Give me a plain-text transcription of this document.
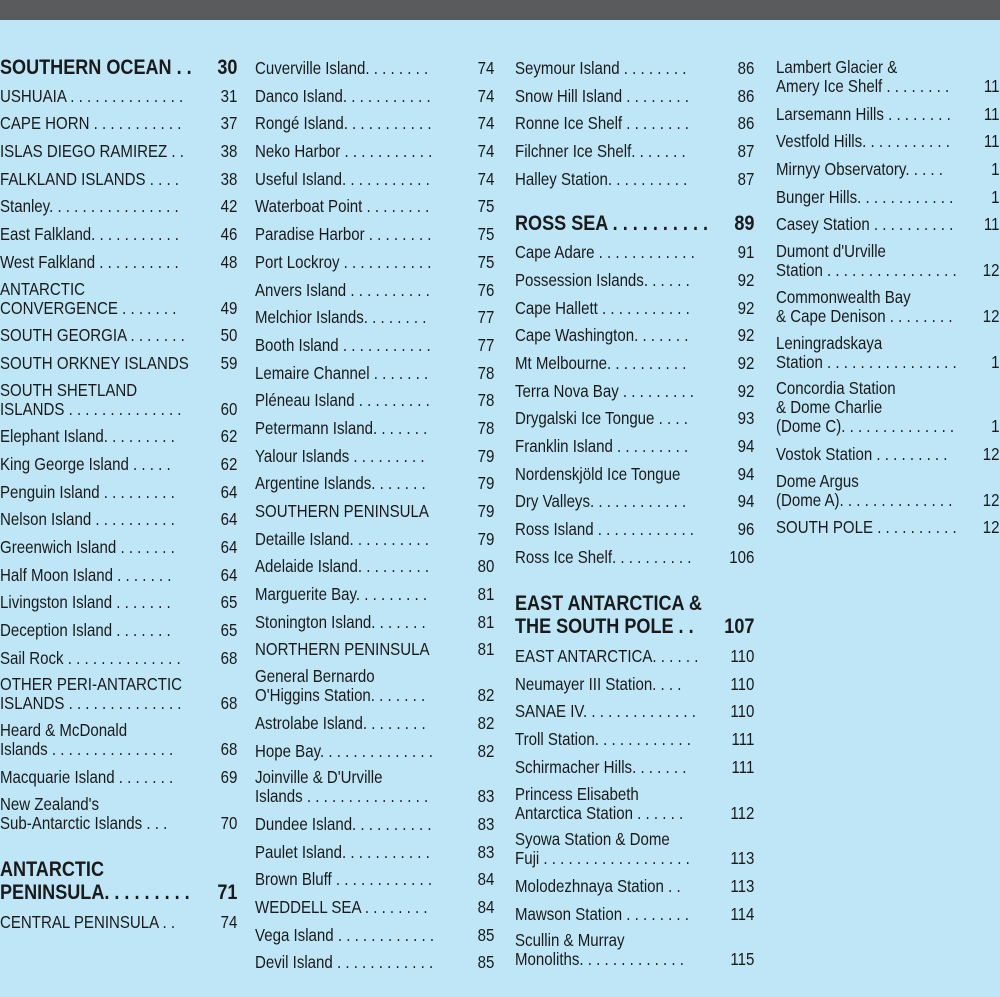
SOUTHERN OCEAN . .	30
USHUAIA . . . . . . . . . . . . . .	31
CAPE HORN . . . . . . . . . . .	37
ISLAS DIEGO RAMIREZ . .	38
FALKLAND ISLANDS . . . .	38
Stanley. . . . . . . . . . . . . . . .	42
East Falkland. . . . . . . . . . .	46
West Falkland . . . . . . . . . .	48
ANTARCTIC
CONVERGENCE . . . . . . .	49
SOUTH GEORGIA . . . . . . .	50
SOUTH ORKNEY ISLANDS	59
SOUTH SHETLAND
ISLANDS . . . . . . . . . . . . . .	60
Elephant Island. . . . . . . . .	62
King George Island . . . . .	62
Penguin Island . . . . . . . . .	64
Nelson Island . . . . . . . . . .	64
Greenwich Island . . . . . . .	64
Half Moon Island . . . . . . .	64
Livingston Island . . . . . . .	65
Deception Island . . . . . . .	65
Sail Rock . . . . . . . . . . . . . .	68
OTHER PERI-ANTARCTIC
ISLANDS . . . . . . . . . . . . . .	68
Heard & McDonald
Islands . . . . . . . . . . . . . . .	68
Macquarie Island . . . . . . .	69
New Zealand's
Sub-Antarctic Islands . . .	70
ANTARCTIC
PENINSULA. . . . . . . . .	71
CENTRAL PENINSULA . .	74
Cuverville Island. . . . . . . .	74
Danco Island. . . . . . . . . . .	74
Rongé Island. . . . . . . . . . .	74
Neko Harbor . . . . . . . . . . .	74
Useful Island. . . . . . . . . . .	74
Waterboat Point . . . . . . . .	75
Paradise Harbor . . . . . . . .	75
Port Lockroy . . . . . . . . . . .	75
Anvers Island . . . . . . . . . .	76
Melchior Islands. . . . . . . .	77
Booth Island . . . . . . . . . . .	77
Lemaire Channel . . . . . . .	78
Pléneau Island . . . . . . . . .	78
Petermann Island. . . . . . .	78
Yalour Islands . . . . . . . . .	79
Argentine Islands. . . . . . .	79
SOUTHERN PENINSULA	79
Detaille Island. . . . . . . . . .	79
Adelaide Island. . . . . . . . .	80
Marguerite Bay. . . . . . . . .	81
Stonington Island. . . . . . .	81
NORTHERN PENINSULA	81
General Bernardo
O'Higgins Station. . . . . . .	82
Astrolabe Island. . . . . . . .	82
Hope Bay. . . . . . . . . . . . . .	82
Joinville & D'Urville
Islands . . . . . . . . . . . . . . .	83
Dundee Island. . . . . . . . . .	83
Paulet Island. . . . . . . . . . .	83
Brown Bluff . . . . . . . . . . . .	84
WEDDELL SEA . . . . . . . .	84
Vega Island . . . . . . . . . . . .	85
Devil Island . . . . . . . . . . . .	85
Seymour Island . . . . . . . .	86
Snow Hill Island . . . . . . . .	86
Ronne Ice Shelf . . . . . . . .	86
Filchner Ice Shelf. . . . . . .	87
Halley Station. . . . . . . . . .	87
ROSS SEA . . . . . . . . . .	89
Cape Adare . . . . . . . . . . . .	91
Possession Islands. . . . . .	92
Cape Hallett . . . . . . . . . . .	92
Cape Washington. . . . . . .	92
Mt Melbourne. . . . . . . . . .	92
Terra Nova Bay . . . . . . . . .	92
Drygalski Ice Tongue . . . .	93
Franklin Island . . . . . . . . .	94
Nordenskjöld Ice Tongue	94
Dry Valleys. . . . . . . . . . . .	94
Ross Island . . . . . . . . . . . .	96
Ross Ice Shelf. . . . . . . . . .	106
EAST ANTARCTICA &
THE SOUTH POLE . .	107
EAST ANTARCTICA. . . . . .	110
Neumayer III Station. . . .	110
SANAE IV. . . . . . . . . . . . . .	110
Troll Station. . . . . . . . . . . .	111
Schirmacher Hills. . . . . . .	111
Princess Elisabeth
Antarctica Station . . . . . .	112
Syowa Station & Dome
Fuji . . . . . . . . . . . . . . . . . .	113
Molodezhnaya Station . .	113
Mawson Station . . . . . . . .	114
Scullin & Murray
Monoliths. . . . . . . . . . . . .	115
Lambert Glacier &
Amery Ice Shelf . . . . . . . .	11
Larsemann Hills . . . . . . . .	11
Vestfold Hills. . . . . . . . . . .	11
Mirnyy Observatory. . . . .	1
Bunger Hills. . . . . . . . . . . .	1
Casey Station . . . . . . . . . .	11
Dumont d'Urville
Station . . . . . . . . . . . . . . . .	12
Commonwealth Bay
& Cape Denison . . . . . . . .	12
Leningradskaya
Station . . . . . . . . . . . . . . . .	1
Concordia Station
& Dome Charlie
(Dome C). . . . . . . . . . . . . .	1
Vostok Station . . . . . . . . .	12
Dome Argus
(Dome A). . . . . . . . . . . . . .	12
SOUTH POLE . . . . . . . . . .	12
